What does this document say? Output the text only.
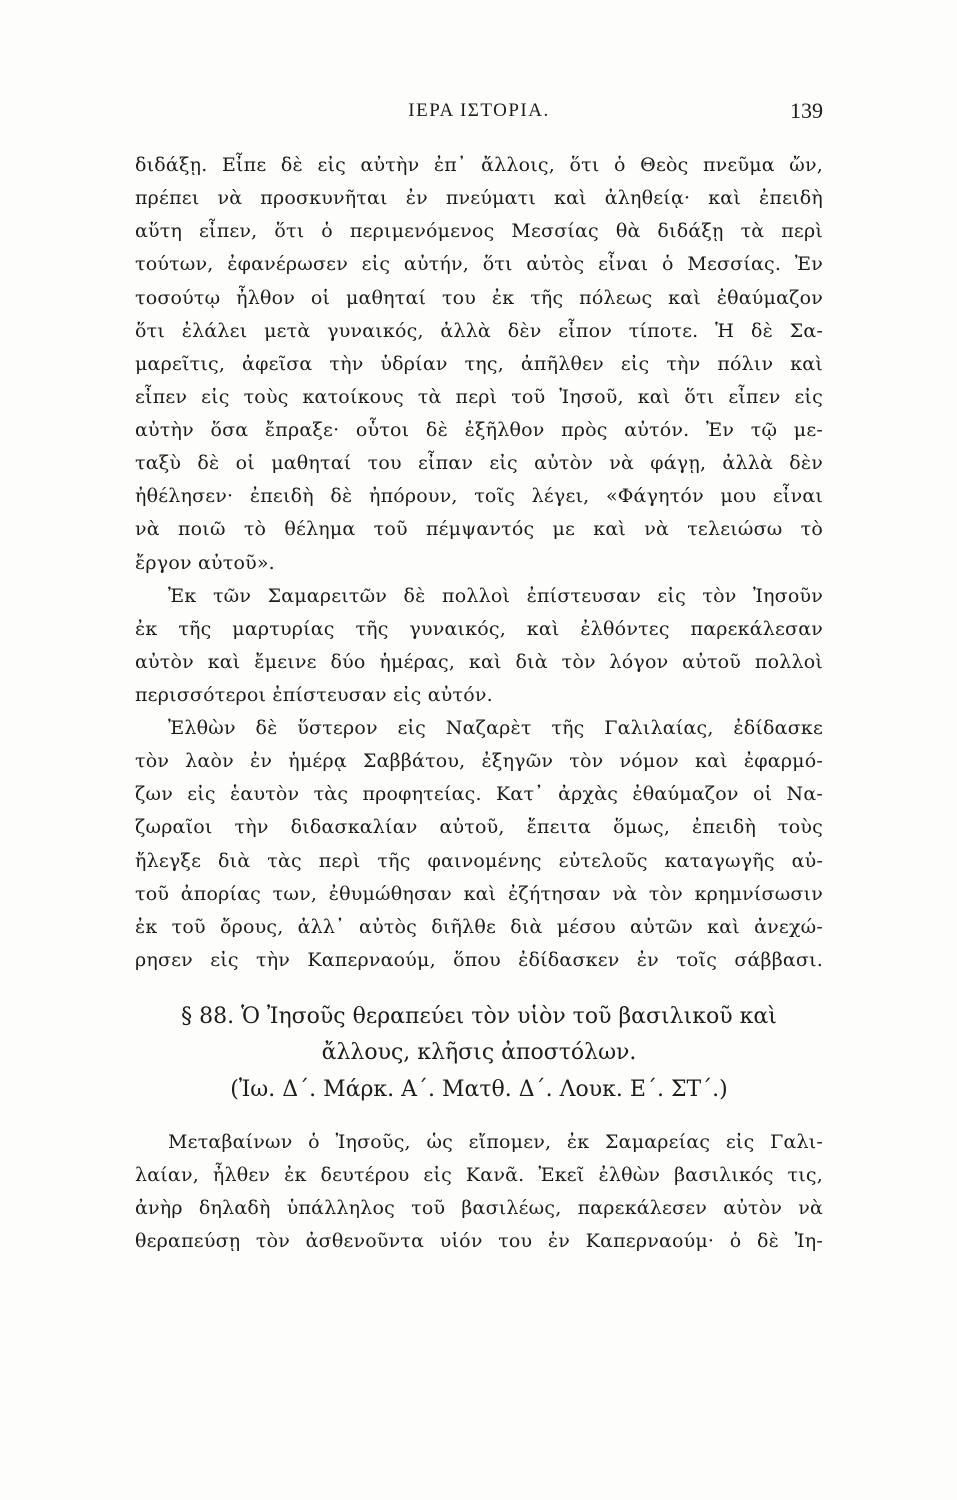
ΙΕΡΑ ΙΣΤΟΡΙΑ.	139
διδάξῃ. Εἶπε δὲ εἰς αὐτὴν ἐπ᾽ ἄλλοις, ὅτι ὁ Θεὸς πνεῦμα ὤν,
πρέπει νὰ προσκυνῆται ἐν πνεύματι καὶ ἀληθείᾳ· καὶ ἐπειδὴ
αὕτη εἶπεν, ὅτι ὁ περιμενόμενος Μεσσίας θὰ διδάξῃ τὰ περὶ
τούτων, ἐφανέρωσεν εἰς αὐτήν, ὅτι αὐτὸς εἶναι ὁ Μεσσίας. Ἐν
τοσούτῳ ἦλθον οἱ μαθηταί του ἐκ τῆς πόλεως καὶ ἐθαύμαζον
ὅτι ἐλάλει μετὰ γυναικός, ἀλλὰ δὲν εἶπον τίποτε. Ἡ δὲ Σα-
μαρεῖτις, ἀφεῖσα τὴν ὑδρίαν της, ἀπῆλθεν εἰς τὴν πόλιν καὶ
εἶπεν εἰς τοὺς κατοίκους τὰ περὶ τοῦ Ἰησοῦ, καὶ ὅτι εἶπεν εἰς
αὐτὴν ὅσα ἔπραξε· οὗτοι δὲ ἐξῆλθον πρὸς αὐτόν. Ἐν τῷ με-
ταξὺ δὲ οἱ μαθηταί του εἶπαν εἰς αὐτὸν νὰ φάγῃ, ἀλλὰ δὲν
ἠθέλησεν· ἐπειδὴ δὲ ἠπόρουν, τοῖς λέγει, «Φάγητόν μου εἶναι
νὰ ποιῶ τὸ θέλημα τοῦ πέμψαντός με καὶ νὰ τελειώσω τὸ
ἔργον αὐτοῦ».
Ἐκ τῶν Σαμαρειτῶν δὲ πολλοὶ ἐπίστευσαν εἰς τὸν Ἰησοῦν
ἐκ τῆς μαρτυρίας τῆς γυναικός, καὶ ἐλθόντες παρεκάλεσαν
αὐτὸν καὶ ἔμεινε δύο ἡμέρας, καὶ διὰ τὸν λόγον αὐτοῦ πολλοὶ
περισσότεροι ἐπίστευσαν εἰς αὐτόν.
Ἐλθὼν δὲ ὕστερον εἰς Ναζαρὲτ τῆς Γαλιλαίας, ἐδίδασκε
τὸν λαὸν ἐν ἡμέρᾳ Σαββάτου, ἐξηγῶν τὸν νόμον καὶ ἐφαρμό-
ζων εἰς ἑαυτὸν τὰς προφητείας. Κατ᾽ ἀρχὰς ἐθαύμαζον οἱ Να-
ζωραῖοι τὴν διδασκαλίαν αὐτοῦ, ἔπειτα ὅμως, ἐπειδὴ τοὺς
ἤλεγξε διὰ τὰς περὶ τῆς φαινομένης εὐτελοῦς καταγωγῆς αὐ-
τοῦ ἀπορίας των, ἐθυμώθησαν καὶ ἐζήτησαν νὰ τὸν κρημνίσωσιν
ἐκ τοῦ ὄρους, ἀλλ᾽ αὐτὸς διῆλθε διὰ μέσου αὐτῶν καὶ ἀνεχώ-
ρησεν εἰς τὴν Καπερναούμ, ὅπου ἐδίδασκεν ἐν τοῖς σάββασι.
§ 88. Ὁ Ἰησοῦς θεραπεύει τὸν υἱὸν τοῦ βασιλικοῦ καὶ
ἄλλους, κλῆσις ἀποστόλων.
(Ἰω. Δ΄. Μάρκ. Α΄. Ματθ. Δ΄. Λουκ. Ε΄. ΣΤ΄.)
Μεταβαίνων ὁ Ἰησοῦς, ὡς εἴπομεν, ἐκ Σαμαρείας εἰς Γαλι-
λαίαν, ἦλθεν ἐκ δευτέρου εἰς Κανᾶ. Ἐκεῖ ἐλθὼν βασιλικός τις,
ἀνὴρ δηλαδὴ ὑπάλληλος τοῦ βασιλέως, παρεκάλεσεν αὐτὸν νὰ
θεραπεύσῃ τὸν ἀσθενοῦντα υἱόν του ἐν Καπερναούμ· ὁ δὲ Ἰη-
